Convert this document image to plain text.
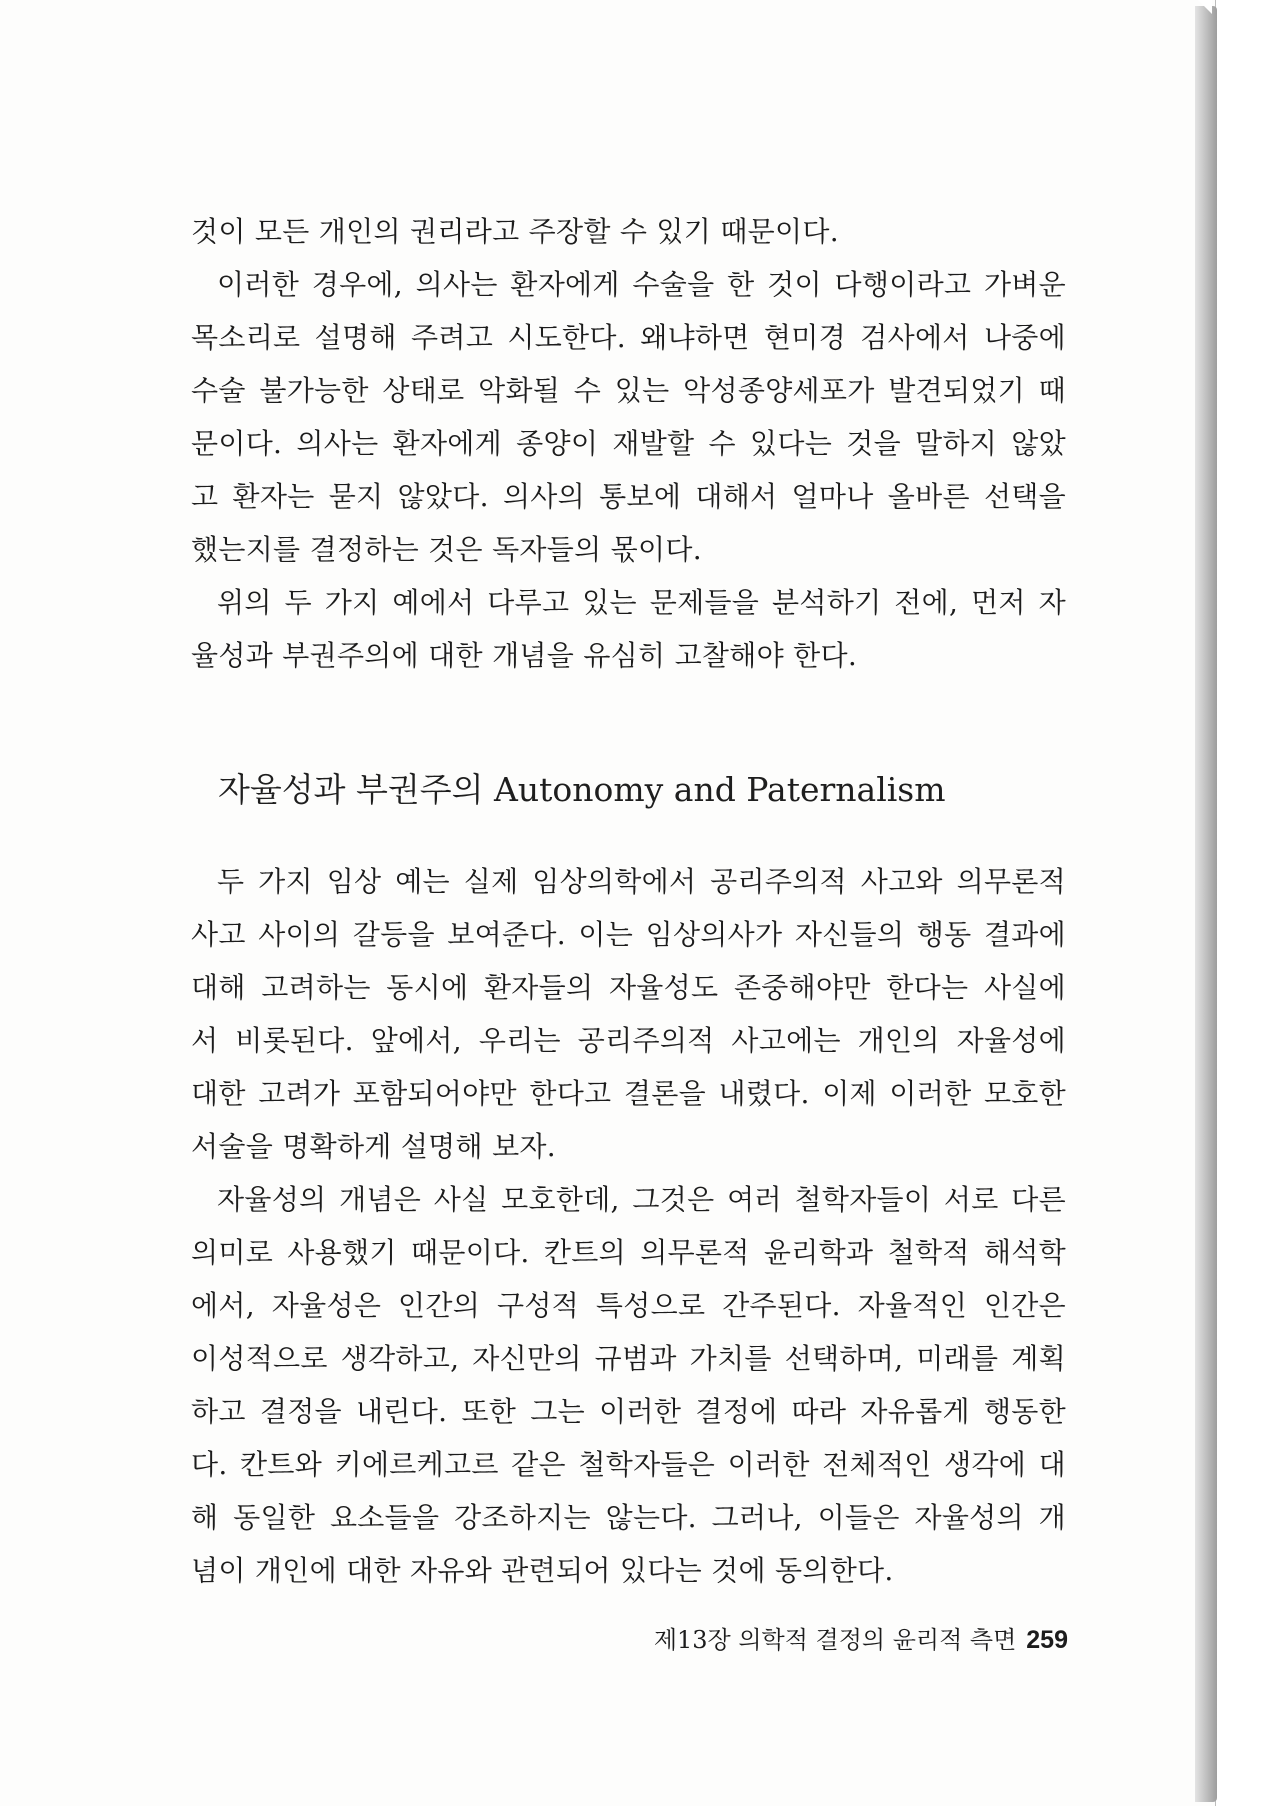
것이 모든 개인의 권리라고 주장할 수 있기 때문이다.
이러한 경우에, 의사는 환자에게 수술을 한 것이 다행이라고 가벼운
목소리로 설명해 주려고 시도한다. 왜냐하면 현미경 검사에서 나중에
수술 불가능한 상태로 악화될 수 있는 악성종양세포가 발견되었기 때
문이다. 의사는 환자에게 종양이 재발할 수 있다는 것을 말하지 않았
고 환자는 묻지 않았다. 의사의 통보에 대해서 얼마나 올바른 선택을
했는지를 결정하는 것은 독자들의 몫이다.
위의 두 가지 예에서 다루고 있는 문제들을 분석하기 전에, 먼저 자
율성과 부권주의에 대한 개념을 유심히 고찰해야 한다.
자율성과 부권주의 Autonomy and Paternalism
두 가지 임상 예는 실제 임상의학에서 공리주의적 사고와 의무론적
사고 사이의 갈등을 보여준다. 이는 임상의사가 자신들의 행동 결과에
대해 고려하는 동시에 환자들의 자율성도 존중해야만 한다는 사실에
서 비롯된다. 앞에서, 우리는 공리주의적 사고에는 개인의 자율성에
대한 고려가 포함되어야만 한다고 결론을 내렸다. 이제 이러한 모호한
서술을 명확하게 설명해 보자.
자율성의 개념은 사실 모호한데, 그것은 여러 철학자들이 서로 다른
의미로 사용했기 때문이다. 칸트의 의무론적 윤리학과 철학적 해석학
에서, 자율성은 인간의 구성적 특성으로 간주된다. 자율적인 인간은
이성적으로 생각하고, 자신만의 규범과 가치를 선택하며, 미래를 계획
하고 결정을 내린다. 또한 그는 이러한 결정에 따라 자유롭게 행동한
다. 칸트와 키에르케고르 같은 철학자들은 이러한 전체적인 생각에 대
해 동일한 요소들을 강조하지는 않는다. 그러나, 이들은 자율성의 개
념이 개인에 대한 자유와 관련되어 있다는 것에 동의한다.
제13장 의학적 결정의 윤리적 측면 259
